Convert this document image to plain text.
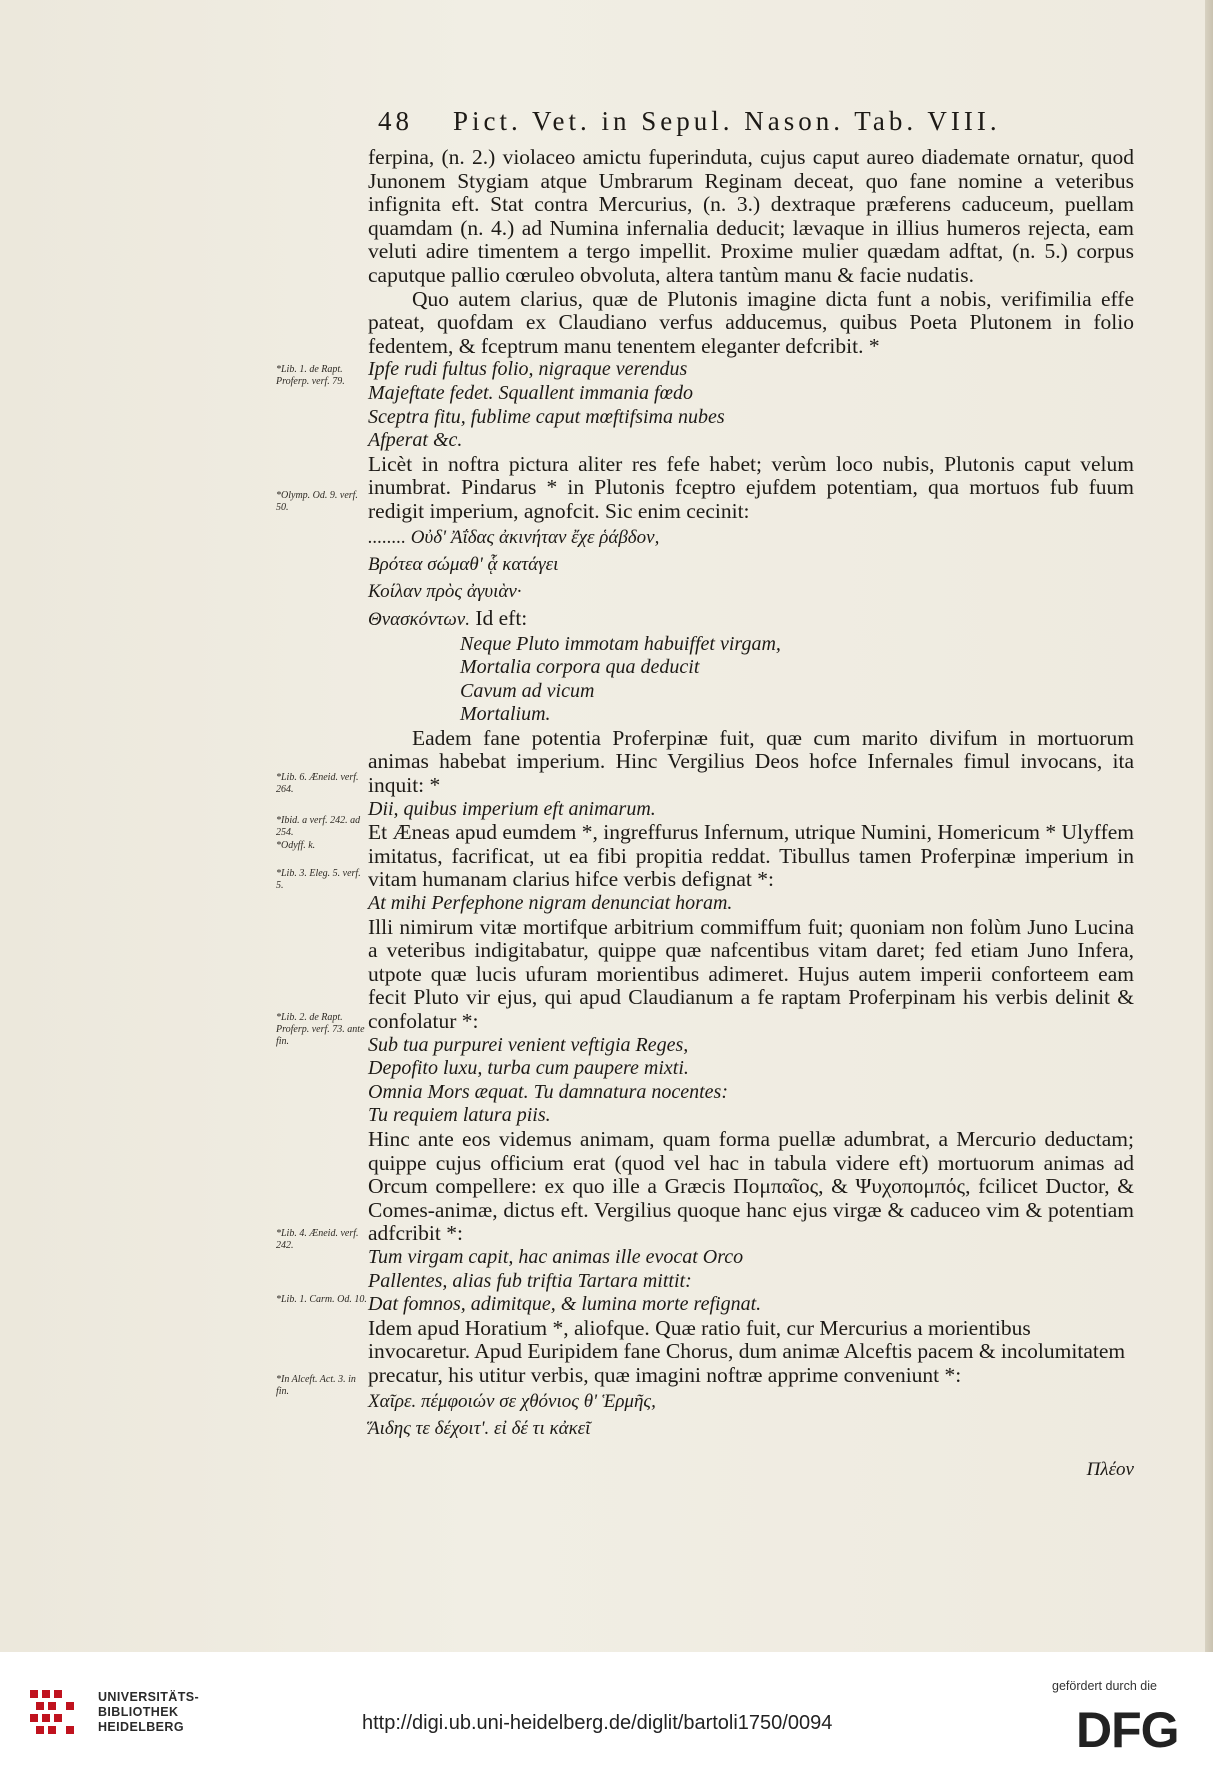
48 Pict. Vet. in Sepul. Nason. Tab. VIII.
*Lib. 1. de Rapt. Proferp. verf. 79.
*Olymp. Od. 9. verf. 50.
*Lib. 6. Æneid. verf. 264.
*Ibid. a verf. 242. ad 254.
*Odyff. k.
*Lib. 3. Eleg. 5. verf. 5.
*Lib. 2. de Rapt. Proferp. verf. 73. ante fin.
*Lib. 4. Æneid. verf. 242.
*Lib. 1. Carm. Od. 10.
*In Alceft. Act. 3. in fin.

ferpina, (n. 2.) violaceo amictu fuperinduta, cujus caput aureo diademate ornatur, quod Junonem Stygiam atque Umbrarum Reginam deceat, quo fane nomine a veteribus infignita eft. Stat contra Mercurius, (n. 3.) dextraque præferens caduceum, puellam quamdam (n. 4.) ad Numina infernalia deducit; lævaque in illius humeros rejecta, eam veluti adire timentem a tergo impellit. Proxime mulier quædam adftat, (n. 5.) corpus caputque pallio cœruleo obvoluta, altera tantùm manu & facie nudatis.

Quo autem clarius, quæ de Plutonis imagine dicta funt a nobis, verifimilia effe pateat, quofdam ex Claudiano verfus adducemus, quibus Poeta Plutonem in folio fedentem, & fceptrum manu tenentem eleganter defcribit. *

Ipfe rudi fultus folio, nigraque verendus

Majeftate fedet. Squallent immania fœdo

Sceptra fitu, fublime caput mœftifsima nubes

Afperat &c.

Licèt in noftra pictura aliter res fefe habet; verùm loco nubis, Plutonis caput velum inumbrat. Pindarus * in Plutonis fceptro ejufdem potentiam, qua mortuos fub fuum redigit imperium, agnofcit. Sic enim cecinit:

........ Οὐδ' Ἀΐδας ἀκινήταν ἔχε ῥάβδον,

Βρότεα σώμαθ' ᾇ κατάγει

Κοίλαν πρὸς ἀγυιὰν·

Θνασκόντων. Id eft:

Neque Pluto immotam habuiffet virgam,

Mortalia corpora qua deducit

Cavum ad vicum

Mortalium.

Eadem fane potentia Proferpinæ fuit, quæ cum marito divifum in mortuorum animas habebat imperium. Hinc Vergilius Deos hofce Infernales fimul invocans, ita inquit: *

Dii, quibus imperium eft animarum.

Et Æneas apud eumdem *, ingreffurus Infernum, utrique Numini, Homericum * Ulyffem imitatus, facrificat, ut ea fibi propitia reddat. Tibullus tamen Proferpinæ imperium in vitam humanam clarius hifce verbis defignat *:

At mihi Perfephone nigram denunciat horam.

Illi nimirum vitæ mortifque arbitrium commiffum fuit; quoniam non folùm Juno Lucina a veteribus indigitabatur, quippe quæ nafcentibus vitam daret; fed etiam Juno Infera, utpote quæ lucis ufuram morientibus adimeret. Hujus autem imperii conforteem eam fecit Pluto vir ejus, qui apud Claudianum a fe raptam Proferpinam his verbis delinit & confolatur *:

Sub tua purpurei venient veftigia Reges,

Depofito luxu, turba cum paupere mixti.

Omnia Mors æquat. Tu damnatura nocentes:

Tu requiem latura piis.

Hinc ante eos videmus animam, quam forma puellæ adumbrat, a Mercurio deductam; quippe cujus officium erat (quod vel hac in tabula videre eft) mortuorum animas ad Orcum compellere: ex quo ille a Græcis Πομπαῖος, & Ψυχοπομπός, fcilicet Ductor, & Comes-animæ, dictus eft. Vergilius quoque hanc ejus virgæ & caduceo vim & potentiam adfcribit *:

Tum virgam capit, hac animas ille evocat Orco

Pallentes, alias fub triftia Tartara mittit:

Dat fomnos, adimitque, & lumina morte refignat.

Idem apud Horatium *, aliofque. Quæ ratio fuit, cur Mercurius a morientibus invocaretur. Apud Euripidem fane Chorus, dum animæ Alceftis pacem & incolumitatem precatur, his utitur verbis, quæ imagini noftræ apprime conveniunt *:

Χαῖρε. πέμφοιών σε χθόνιος θ' Ἑρμῆς,

Ἅιδης τε δέχοιτ'. εἰ δέ τι κἀκεῖ

Πλέον
UNIVERSITÄTS-
BIBLIOTHEK
HEIDELBERG	http://digi.ub.uni-heidelberg.de/diglit/bartoli1750/0094
gefördert durch die
DFG
